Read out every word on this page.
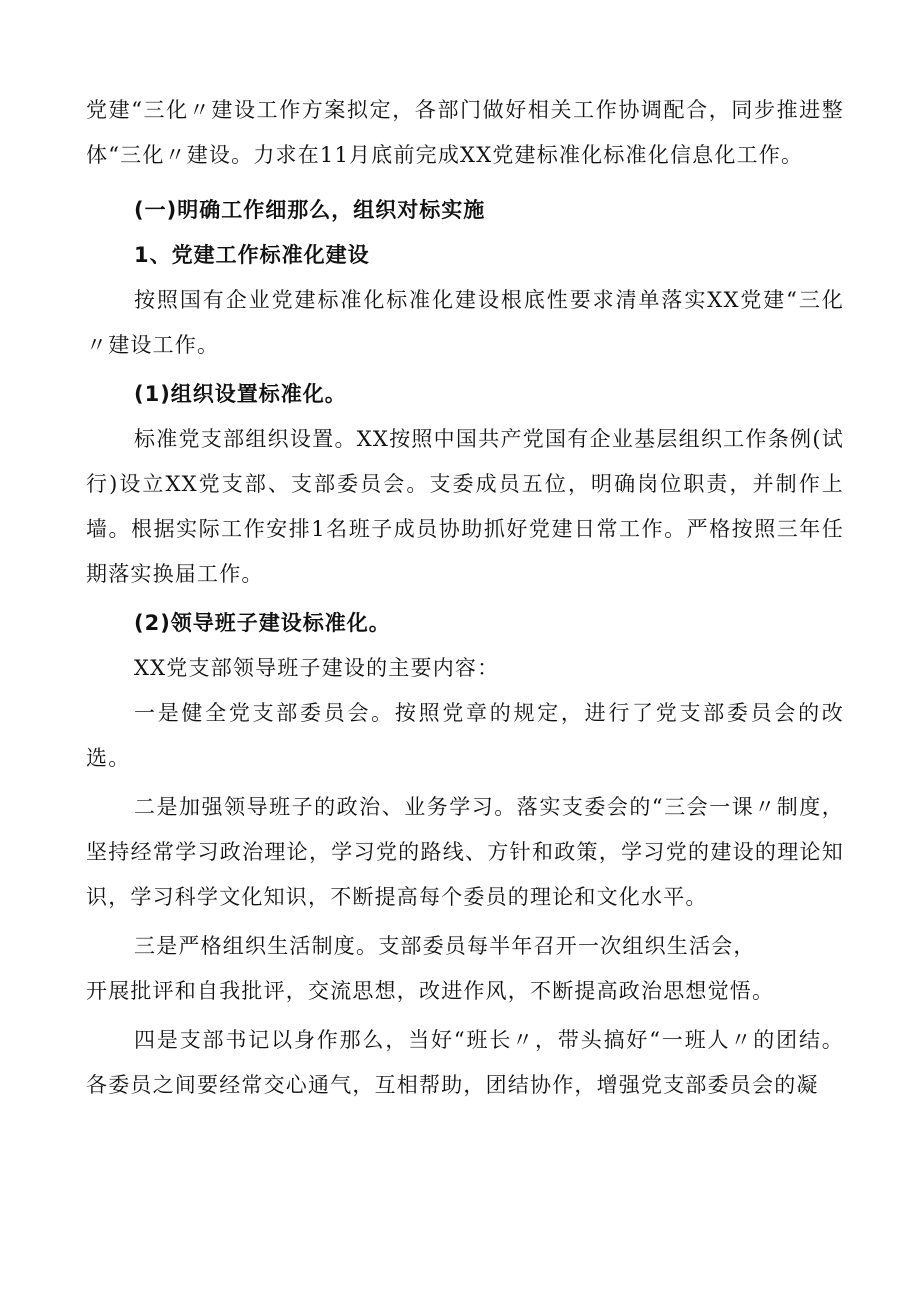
党建“三化〃建设工作方案拟定，各部门做好相关工作协调配合，同步推进整体“三化〃建设。力求在11月底前完成XX党建标准化标准化信息化工作。

(一)明确工作细那么，组织对标实施

1、党建工作标准化建设

按照国有企业党建标准化标准化建设根底性要求清单落实XX党建“三化〃建设工作。

(1)组织设置标准化。

标准党支部组织设置。XX按照中国共产党国有企业基层组织工作条例(试行)设立XX党支部、支部委员会。支委成员五位，明确岗位职责，并制作上墙。根据实际工作安排1名班子成员协助抓好党建日常工作。严格按照三年任期落实换届工作。

(2)领导班子建设标准化。

XX党支部领导班子建设的主要内容：

一是健全党支部委员会。按照党章的规定，进行了党支部委员会的改选。

二是加强领导班子的政治、业务学习。落实支委会的“三会一课〃制度，坚持经常学习政治理论，学习党的路线、方针和政策，学习党的建设的理论知识，学习科学文化知识，不断提高每个委员的理论和文化水平。

三是严格组织生活制度。支部委员每半年召开一次组织生活会，

开展批评和自我批评，交流思想，改进作风，不断提高政治思想觉悟。

四是支部书记以身作那么，当好“班长〃，带头搞好“一班人〃的团结。各委员之间要经常交心通气，互相帮助，团结协作，增强党支部委员会的凝
